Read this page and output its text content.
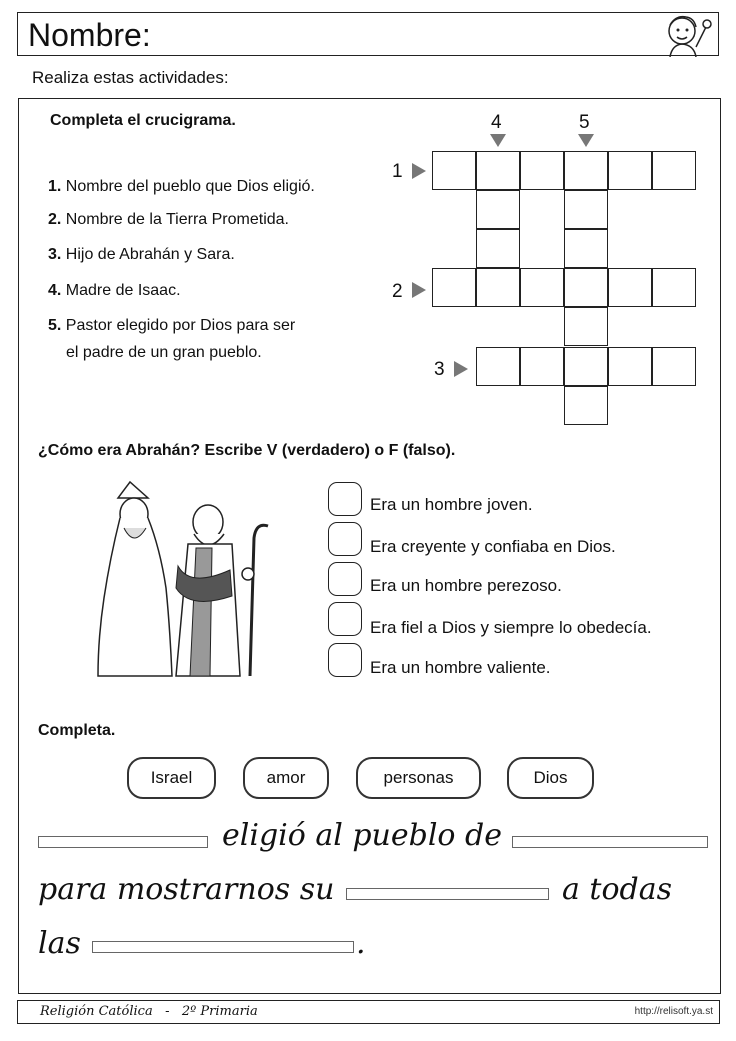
Nombre:
Realiza estas actividades:
Completa el crucigrama.
1. Nombre del pueblo que Dios eligió.
2. Nombre de la Tierra Prometida.
3. Hijo de Abrahán y Sara.
4. Madre de Isaac.
5. Pastor elegido por Dios para ser
el padre de un gran pueblo.
4	5
1
2
3
¿Cómo era Abrahán? Escribe V (verdadero) o F (falso).
Era un hombre joven.
Era creyente y confiaba en Dios.
Era un hombre perezoso.
Era fiel a Dios y siempre lo obedecía.
Era un hombre valiente.
Completa.
Israel	amor	personas	Dios
eligió al pueblo de
para mostrarnos su	a todas
las	.
Religión Católica   -   2º Primaria	http://relisoft.ya.st
